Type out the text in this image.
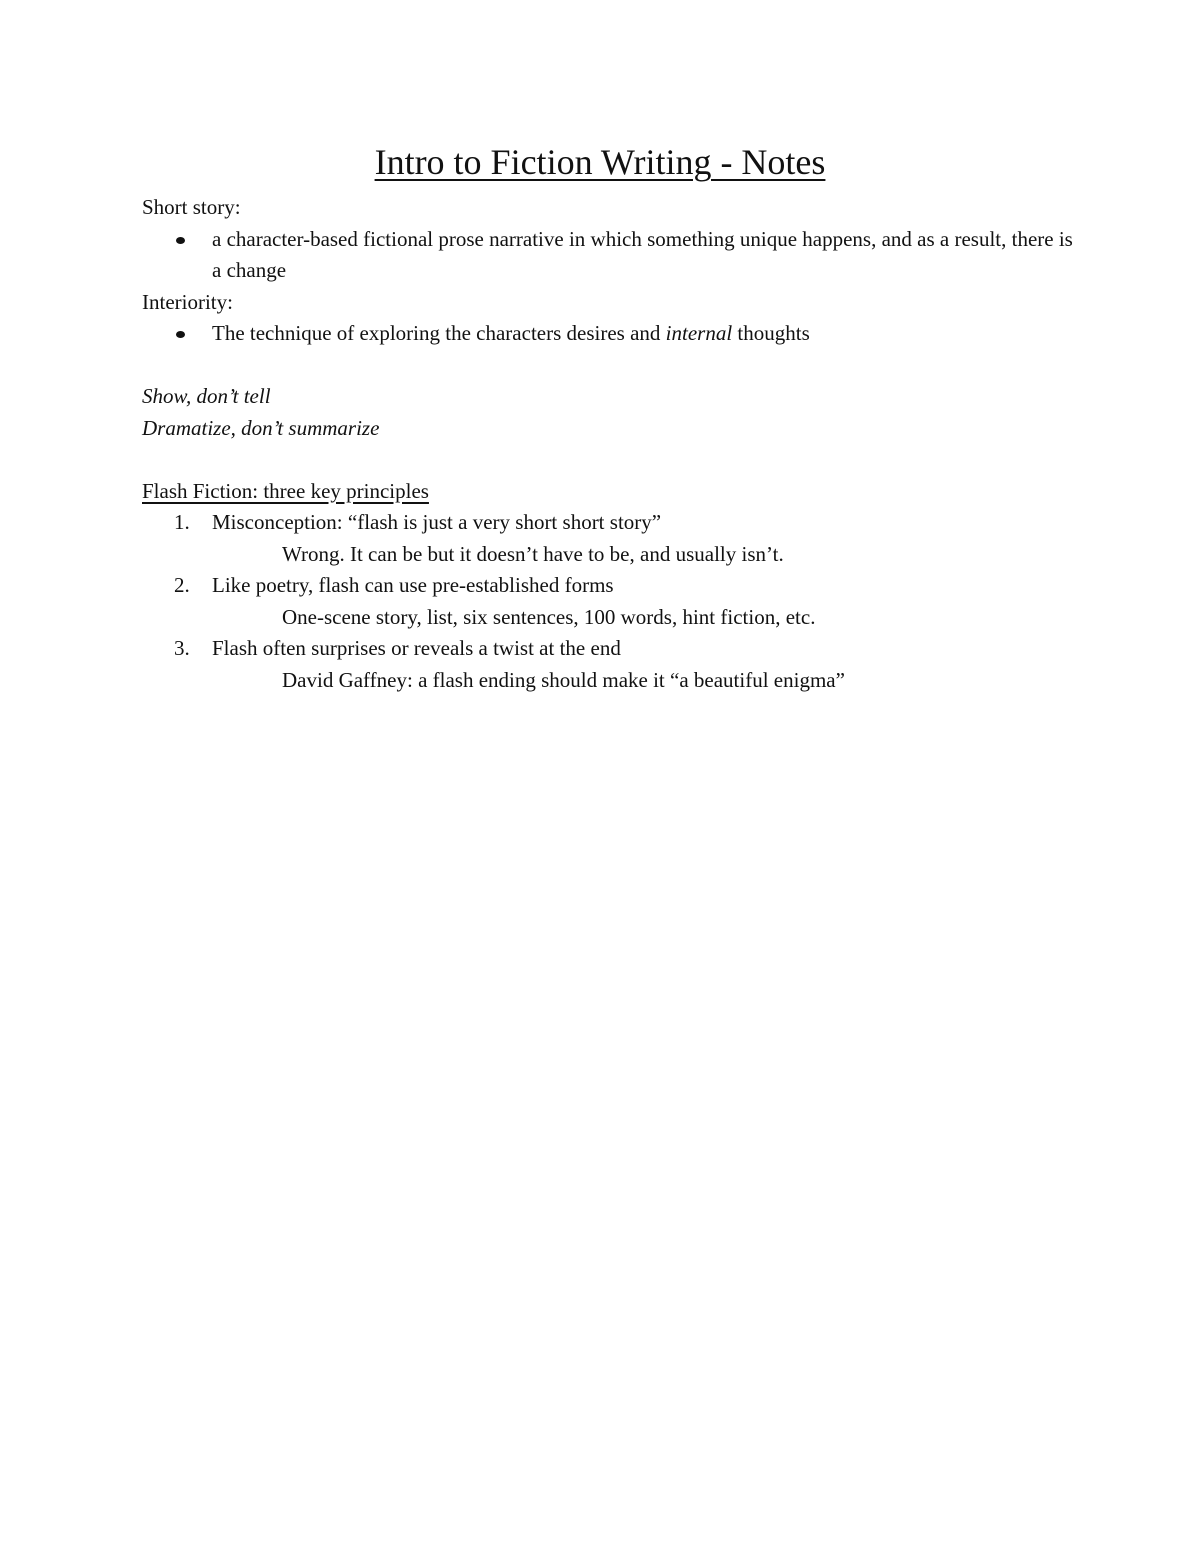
Intro to Fiction Writing - Notes

Short story:

a character-based fictional prose narrative in which something unique happens, and as a result, there is a change

Interiority:

The technique of exploring the characters desires and internal thoughts

Show, don’t tell

Dramatize, don’t summarize

Flash Fiction: three key principles

1. Misconception: “flash is just a very short short story”

Wrong. It can be but it doesn’t have to be, and usually isn’t.

2. Like poetry, flash can use pre-established forms

One-scene story, list, six sentences, 100 words, hint fiction, etc.

3. Flash often surprises or reveals a twist at the end

David Gaffney: a flash ending should make it “a beautiful enigma”
